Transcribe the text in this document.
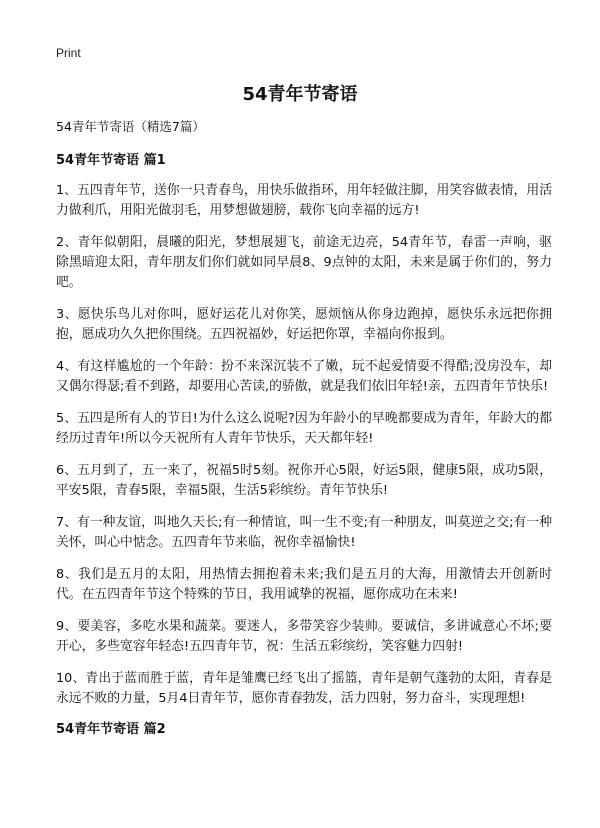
Print
54青年节寄语

54青年节寄语（精选7篇）

54青年节寄语 篇1

1、五四青年节，送你一只青春鸟，用快乐做指环，用年轻做注脚，用笑容做表情，用活力做利爪，用阳光做羽毛，用梦想做翅膀，载你飞向幸福的远方!

2、青年似朝阳，晨曦的阳光，梦想展翅飞，前途无边亮，54青年节，春雷一声响，驱除黑暗迎太阳，青年朋友们你们就如同早晨8、9点钟的太阳，未来是属于你们的，努力吧。

3、愿快乐鸟儿对你叫，愿好运花儿对你笑，愿烦恼从你身边跑掉，愿快乐永远把你拥抱，愿成功久久把你围绕。五四祝福妙，好运把你罩，幸福向你报到。

4、有这样尴尬的一个年龄：扮不来深沉装不了嫩，玩不起爱情耍不得酷;没房没车，却又偶尔得瑟;看不到路，却要用心苦读,的骄傲，就是我们依旧年轻!亲，五四青年节快乐!

5、五四是所有人的节日!为什么这么说呢?因为年龄小的早晚都要成为青年，年龄大的都经历过青年!所以今天祝所有人青年节快乐，天天都年轻!

6、五月到了，五一来了，祝福5时5刻。祝你开心5限，好运5限，健康5限，成功5限，平安5限，青春5限，幸福5限，生活5彩缤纷。青年节快乐!

7、有一种友谊，叫地久天长;有一种情谊，叫一生不变;有一种朋友，叫莫逆之交;有一种关怀，叫心中惦念。五四青年节来临，祝你幸福愉快!

8、我们是五月的太阳，用热情去拥抱着未来;我们是五月的大海，用激情去开创新时代。在五四青年节这个特殊的节日，我用诚挚的祝福，愿你成功在未来!

9、要美容，多吃水果和蔬菜。要迷人，多带笑容少装帅。要诚信，多讲诚意心不坏;要开心，多些宽容年轻态!五四青年节，祝：生活五彩缤纷，笑容魅力四射!

10、青出于蓝而胜于蓝，青年是雏鹰已经飞出了摇篮，青年是朝气蓬勃的太阳，青春是永远不败的力量，5月4日青年节，愿你青春勃发，活力四射，努力奋斗，实现理想!

54青年节寄语 篇2
